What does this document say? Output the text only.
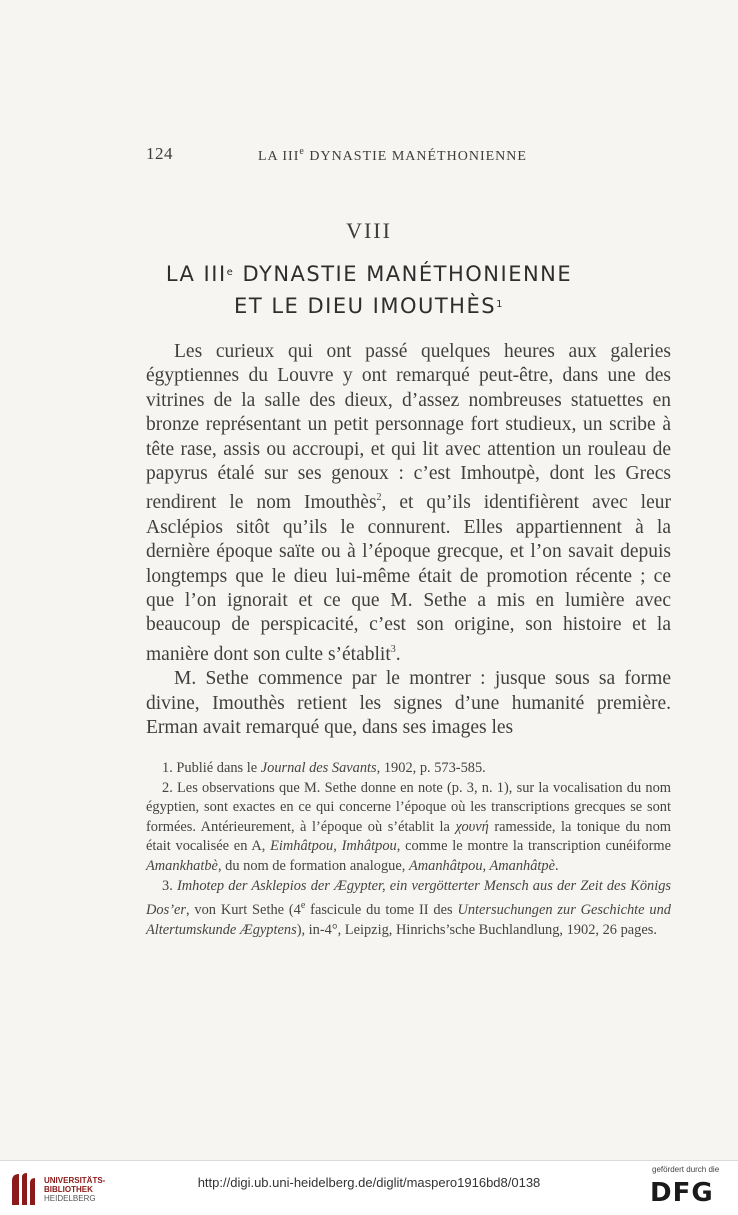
124	LA IIIe DYNASTIE MANÉTHONIENNE
VIII
LA IIIe DYNASTIE MANÉTHONIENNE
ET LE DIEU IMOUTHÈS$^1$

Les curieux qui ont passé quelques heures aux galeries égyptiennes du Louvre y ont remarqué peut-être, dans une des vitrines de la salle des dieux, d’assez nombreuses statuettes en bronze représentant un petit personnage fort studieux, un scribe à tête rase, assis ou accroupi, et qui lit avec attention un rouleau de papyrus étalé sur ses genoux : c’est Imhoutpè, dont les Grecs rendirent le nom Imouthès$^2$, et qu’ils identifièrent avec leur Asclépios sitôt qu’ils le connurent. Elles appartiennent à la dernière époque saïte ou à l’époque grecque, et l’on savait depuis longtemps que le dieu lui-même était de promotion récente ; ce que l’on ignorait et ce que M. Sethe a mis en lumière avec beaucoup de perspicacité, c’est son origine, son histoire et la manière dont son culte s’établit$^3$.

M. Sethe commence par le montrer : jusque sous sa forme divine, Imouthès retient les signes d’une humanité première. Erman avait remarqué que, dans ses images les

1. Publié dans le Journal des Savants, 1902, p. 573-585.

2. Les observations que M. Sethe donne en note (p. 3, n. 1), sur la vocalisation du nom égyptien, sont exactes en ce qui concerne l’époque où les transcriptions grecques se sont formées. Antérieurement, à l’époque où s’établit la χουνή ramesside, la tonique du nom était vocalisée en A, Eimhâtpou, Imhâtpou, comme le montre la transcription cunéiforme Amankhatbè, du nom de formation analogue, Amanhâtpou, Amanhâtpè.

3. Imhotep der Asklepios der Ægypter, ein vergötterter Mensch aus der Zeit des Königs Dos’er, von Kurt Sethe (4e fascicule du tome II des Untersuchungen zur Geschichte und Altertumskunde Ægyptens), in-4°, Leipzig, Hinrichs’sche Buchlandlung, 1902, 26 pages.

UNIVERSITÄTS-
BIBLIOTHEK
HEIDELBERG
http://digi.ub.uni-heidelberg.de/diglit/maspero1916bd8/0138
gefördert durch die
DFG
